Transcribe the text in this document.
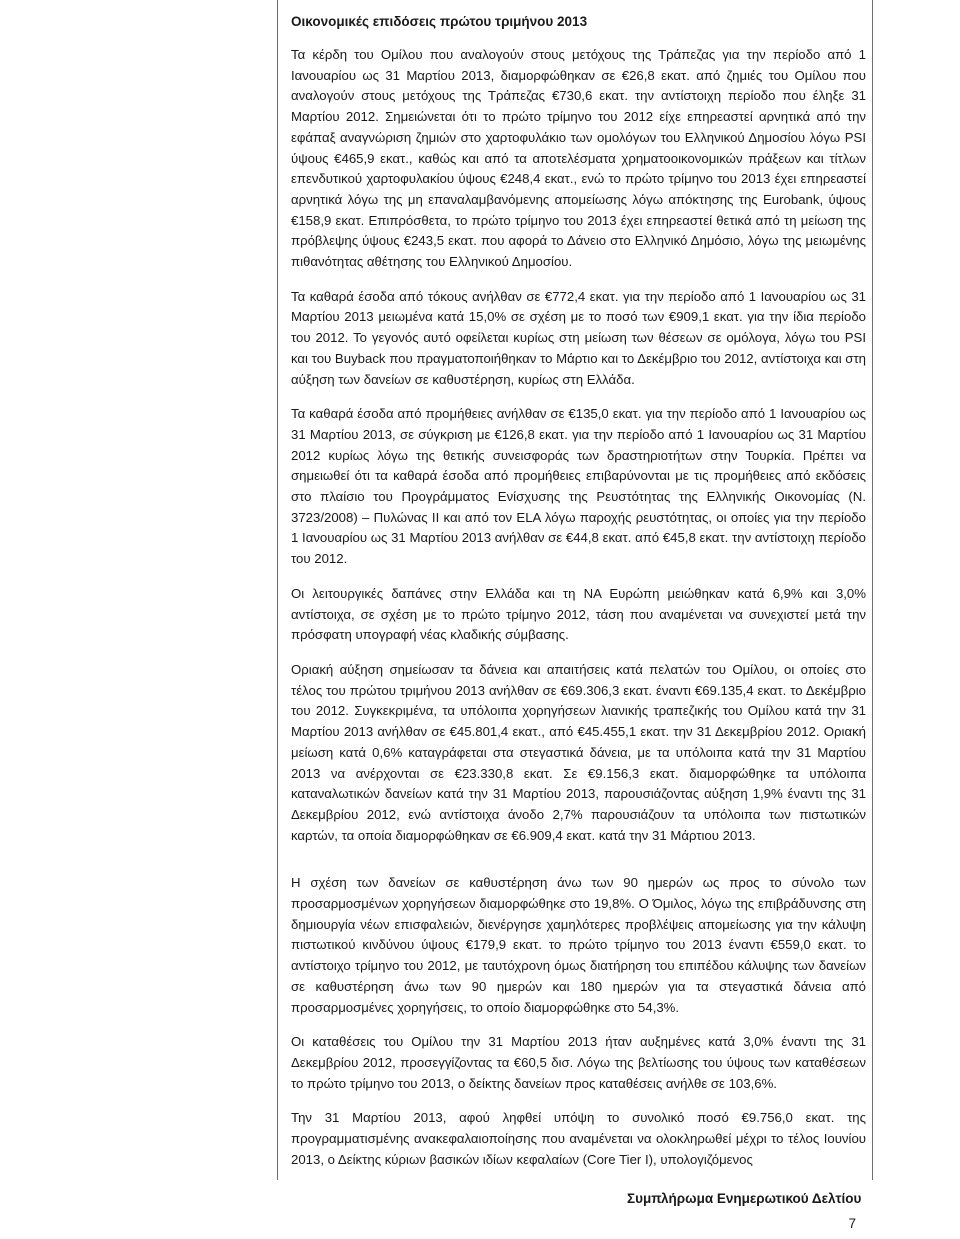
Οικονομικές επιδόσεις πρώτου τριμήνου 2013

Τα κέρδη του Ομίλου που αναλογούν στους μετόχους της Τράπεζας για την περίοδο από 1 Ιανουαρίου ως 31 Μαρτίου 2013, διαμορφώθηκαν σε €26,8 εκατ. από ζημιές του Ομίλου που αναλογούν στους μετόχους της Τράπεζας €730,6 εκατ. την αντίστοιχη περίοδο που έληξε 31 Μαρτίου 2012. Σημειώνεται ότι το πρώτο τρίμηνο του 2012 είχε επηρεαστεί αρνητικά από την εφάπαξ αναγνώριση ζημιών στο χαρτοφυλάκιο των ομολόγων του Ελληνικού Δημοσίου λόγω PSI ύψους €465,9 εκατ., καθώς και από τα αποτελέσματα χρηματοοικονομικών πράξεων και τίτλων επενδυτικού χαρτοφυλακίου ύψους €248,4 εκατ., ενώ το πρώτο τρίμηνο του 2013 έχει επηρεαστεί αρνητικά λόγω της μη επαναλαμβανόμενης απομείωσης λόγω απόκτησης της Eurobank, ύψους €158,9 εκατ. Επιπρόσθετα, το πρώτο τρίμηνο του 2013 έχει επηρεαστεί θετικά από τη μείωση της πρόβλεψης ύψους €243,5 εκατ. που αφορά το Δάνειο στο Ελληνικό Δημόσιο, λόγω της μειωμένης πιθανότητας αθέτησης του Ελληνικού Δημοσίου.

Τα καθαρά έσοδα από τόκους ανήλθαν σε €772,4 εκατ. για την περίοδο από 1 Ιανουαρίου ως 31 Μαρτίου 2013 μειωμένα κατά 15,0% σε σχέση με το ποσό των €909,1 εκατ. για την ίδια περίοδο του 2012. Το γεγονός αυτό οφείλεται κυρίως στη μείωση των θέσεων σε ομόλογα, λόγω του PSI και του Buyback που πραγματοποιήθηκαν το Μάρτιο και το Δεκέμβριο του 2012, αντίστοιχα και στη αύξηση των δανείων σε καθυστέρηση, κυρίως στη Ελλάδα.

Τα καθαρά έσοδα από προμήθειες ανήλθαν σε €135,0 εκατ. για την περίοδο από 1 Ιανουαρίου ως 31 Μαρτίου 2013, σε σύγκριση με €126,8 εκατ. για την περίοδο από 1 Ιανουαρίου ως 31 Μαρτίου 2012 κυρίως λόγω της θετικής συνεισφοράς των δραστηριοτήτων στην Τουρκία. Πρέπει να σημειωθεί ότι τα καθαρά έσοδα από προμήθειες επιβαρύνονται με τις προμήθειες από εκδόσεις στο πλαίσιο του Προγράμματος Ενίσχυσης της Ρευστότητας της Ελληνικής Οικονομίας (Ν. 3723/2008) – Πυλώνας ΙΙ και από τον ELA λόγω παροχής ρευστότητας, οι οποίες για την περίοδο 1 Ιανουαρίου ως 31 Μαρτίου 2013 ανήλθαν σε €44,8 εκατ. από €45,8 εκατ. την αντίστοιχη περίοδο του 2012.

Οι λειτουργικές δαπάνες στην Ελλάδα και τη ΝΑ Ευρώπη μειώθηκαν κατά 6,9% και 3,0% αντίστοιχα, σε σχέση με το πρώτο τρίμηνο 2012, τάση που αναμένεται να συνεχιστεί μετά την πρόσφατη υπογραφή νέας κλαδικής σύμβασης.

Οριακή αύξηση σημείωσαν τα δάνεια και απαιτήσεις κατά πελατών του Ομίλου, οι οποίες στο τέλος του πρώτου τριμήνου 2013 ανήλθαν σε €69.306,3 εκατ. έναντι €69.135,4 εκατ. το Δεκέμβριο του 2012. Συγκεκριμένα, τα υπόλοιπα χορηγήσεων λιανικής τραπεζικής του Ομίλου κατά την 31 Μαρτίου 2013 ανήλθαν σε €45.801,4 εκατ., από €45.455,1 εκατ. την 31 Δεκεμβρίου 2012. Οριακή μείωση κατά 0,6% καταγράφεται στα στεγαστικά δάνεια, με τα υπόλοιπα κατά την 31 Μαρτίου 2013 να ανέρχονται σε €23.330,8 εκατ. Σε €9.156,3 εκατ. διαμορφώθηκε τα υπόλοιπα καταναλωτικών δανείων κατά την 31 Μαρτίου 2013, παρουσιάζοντας αύξηση 1,9% έναντι της 31 Δεκεμβρίου 2012, ενώ αντίστοιχα άνοδο 2,7% παρουσιάζουν τα υπόλοιπα των πιστωτικών καρτών, τα οποία διαμορφώθηκαν σε €6.909,4 εκατ. κατά την 31 Μάρτιου 2013.

Η σχέση των δανείων σε καθυστέρηση άνω των 90 ημερών ως προς το σύνολο των προσαρμοσμένων χορηγήσεων διαμορφώθηκε στο 19,8%. Ο Όμιλος, λόγω της επιβράδυνσης στη δημιουργία νέων επισφαλειών, διενέργησε χαμηλότερες προβλέψεις απομείωσης για την κάλυψη πιστωτικού κινδύνου ύψους €179,9 εκατ. το πρώτο τρίμηνο του 2013 έναντι €559,0 εκατ. το αντίστοιχο τρίμηνο του 2012, με ταυτόχρονη όμως διατήρηση του επιπέδου κάλυψης των δανείων σε καθυστέρηση άνω των 90 ημερών και 180 ημερών για τα στεγαστικά δάνεια από προσαρμοσμένες χορηγήσεις, το οποίο διαμορφώθηκε στο 54,3%.

Οι καταθέσεις του Ομίλου την 31 Μαρτίου 2013 ήταν αυξημένες κατά 3,0% έναντι της 31 Δεκεμβρίου 2012, προσεγγίζοντας τα €60,5 δισ. Λόγω της βελτίωσης του ύψους των καταθέσεων το πρώτο τρίμηνο του 2013, ο δείκτης δανείων προς καταθέσεις ανήλθε σε 103,6%.

Την 31 Μαρτίου 2013, αφού ληφθεί υπόψη το συνολικό ποσό €9.756,0 εκατ. της προγραμματισμένης ανακεφαλαιοποίησης που αναμένεται να ολοκληρωθεί μέχρι το τέλος Ιουνίου 2013, ο Δείκτης κύριων βασικών ιδίων κεφαλαίων (Core Tier I), υπολογιζόμενος

Συμπλήρωμα Ενημερωτικού Δελτίου
7
